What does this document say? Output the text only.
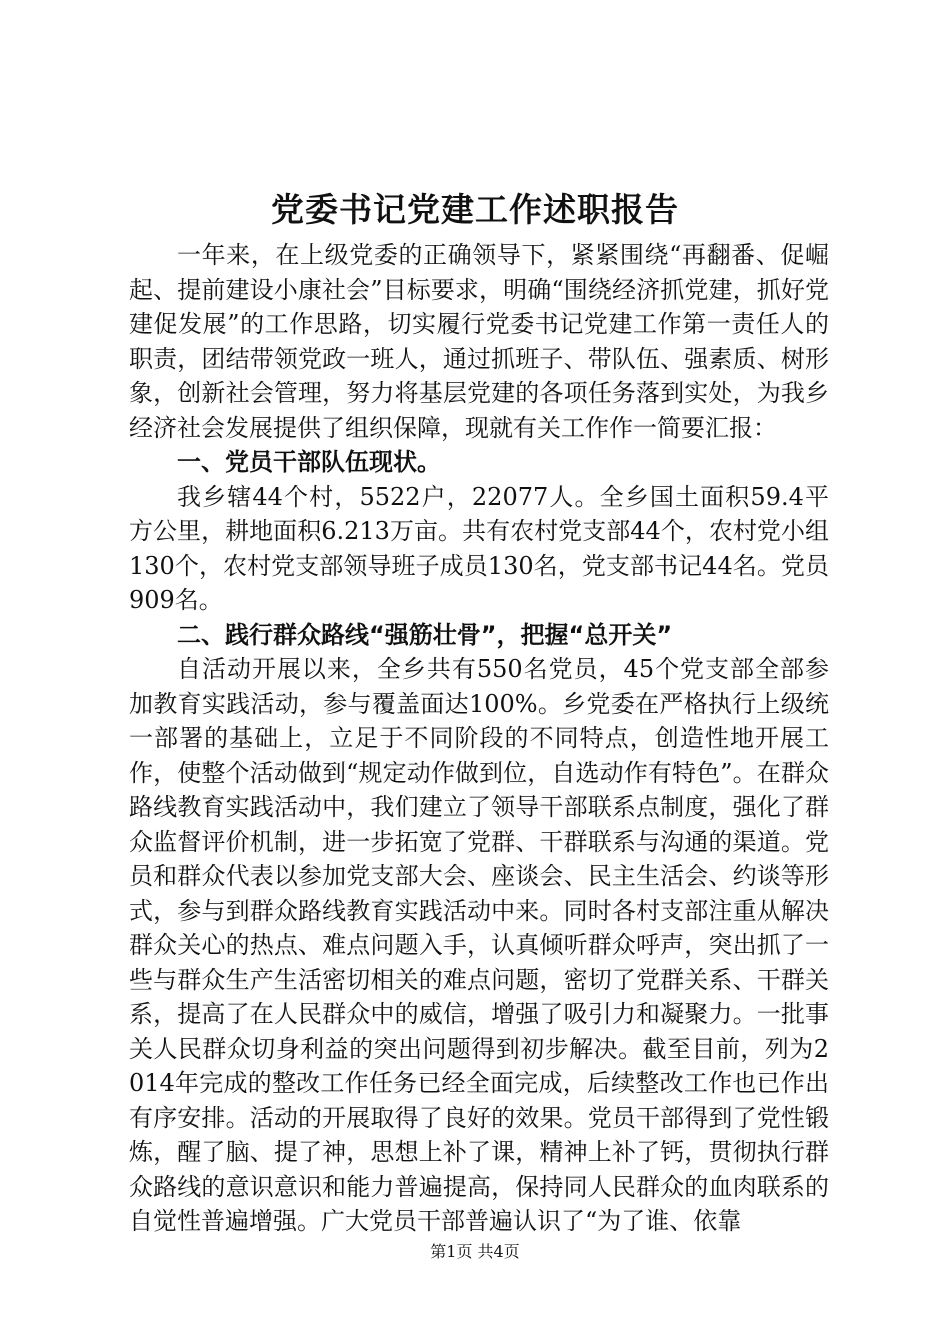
党委书记党建工作述职报告

一年来，在上级党委的正确领导下，紧紧围绕“再翻番、促崛起、提前建设小康社会”目标要求，明确“围绕经济抓党建，抓好党建促发展”的工作思路，切实履行党委书记党建工作第一责任人的职责，团结带领党政一班人，通过抓班子、带队伍、强素质、树形象，创新社会管理，努力将基层党建的各项任务落到实处，为我乡经济社会发展提供了组织保障，现就有关工作作一简要汇报：

一、党员干部队伍现状。

我乡辖44个村，5522户，22077人。全乡国土面积59.4平方公里，耕地面积6.213万亩。共有农村党支部44个，农村党小组130个，农村党支部领导班子成员130名，党支部书记44名。党员909名。

二、践行群众路线“强筋壮骨”，把握“总开关”

自活动开展以来，全乡共有550名党员，45个党支部全部参加教育实践活动，参与覆盖面达100%。乡党委在严格执行上级统一部署的基础上，立足于不同阶段的不同特点，创造性地开展工作，使整个活动做到“规定动作做到位，自选动作有特色”。在群众路线教育实践活动中，我们建立了领导干部联系点制度，强化了群众监督评价机制，进一步拓宽了党群、干群联系与沟通的渠道。党员和群众代表以参加党支部大会、座谈会、民主生活会、约谈等形式，参与到群众路线教育实践活动中来。同时各村支部注重从解决群众关心的热点、难点问题入手，认真倾听群众呼声，突出抓了一些与群众生产生活密切相关的难点问题，密切了党群关系、干群关系，提高了在人民群众中的威信，增强了吸引力和凝聚力。一批事关人民群众切身利益的突出问题得到初步解决。截至目前，列为2014年完成的整改工作任务已经全面完成，后续整改工作也已作出有序安排。活动的开展取得了良好的效果。党员干部得到了党性锻炼，醒了脑、提了神，思想上补了课，精神上补了钙，贯彻执行群众路线的意识意识和能力普遍提高，保持同人民群众的血肉联系的自觉性普遍增强。广大党员干部普遍认识了“为了谁、依靠

第1页 共4页
